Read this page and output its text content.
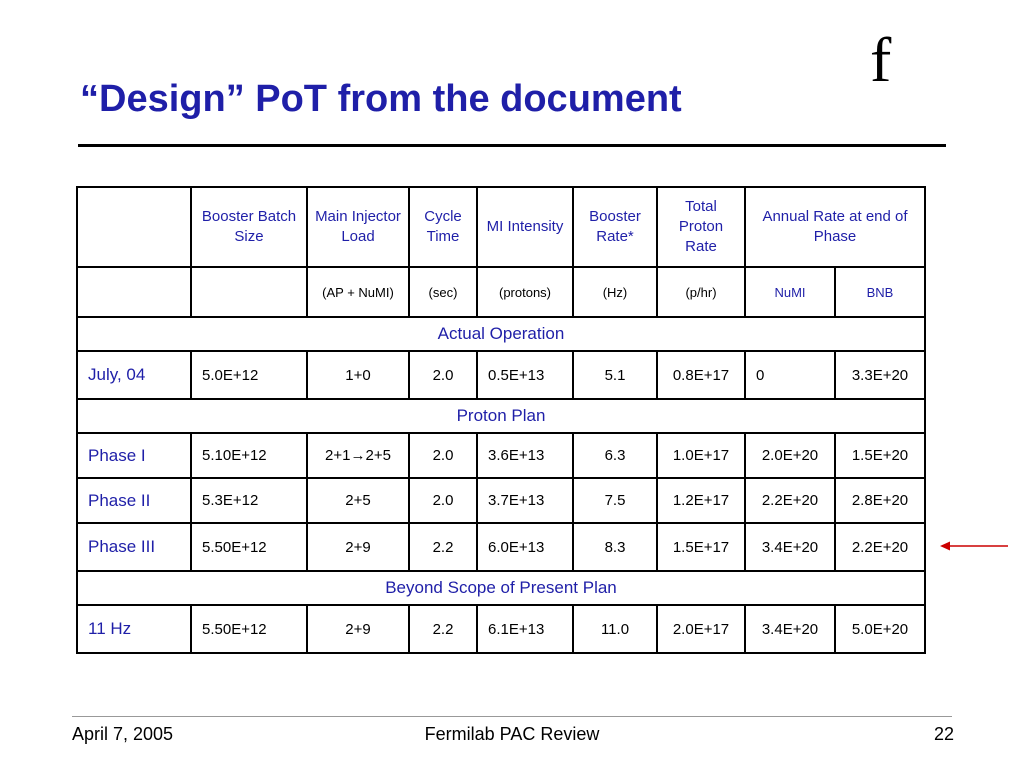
“Design” PoT from the document
f
	Booster Batch Size	Main Injector Load	Cycle Time	MI Intensity	Booster Rate*	Total Proton Rate	Annual Rate at end of Phase	
		(AP + NuMI)	(sec)	(protons)	(Hz)	(p/hr)	NuMI	BNB
Actual Operation								
July, 04	5.0E+12	1+0	2.0	0.5E+13	5.1	0.8E+17	0	3.3E+20
Proton Plan								
Phase I	5.10E+12	2+1→2+5	2.0	3.6E+13	6.3	1.0E+17	2.0E+20	1.5E+20
Phase II	5.3E+12	2+5	2.0	3.7E+13	7.5	1.2E+17	2.2E+20	2.8E+20
Phase III	5.50E+12	2+9	2.2	6.0E+13	8.3	1.5E+17	3.4E+20	2.2E+20
Beyond Scope of Present Plan								
11 Hz	5.50E+12	2+9	2.2	6.1E+13	11.0	2.0E+17	3.4E+20	5.0E+20
April 7, 2005	Fermilab PAC Review	22
